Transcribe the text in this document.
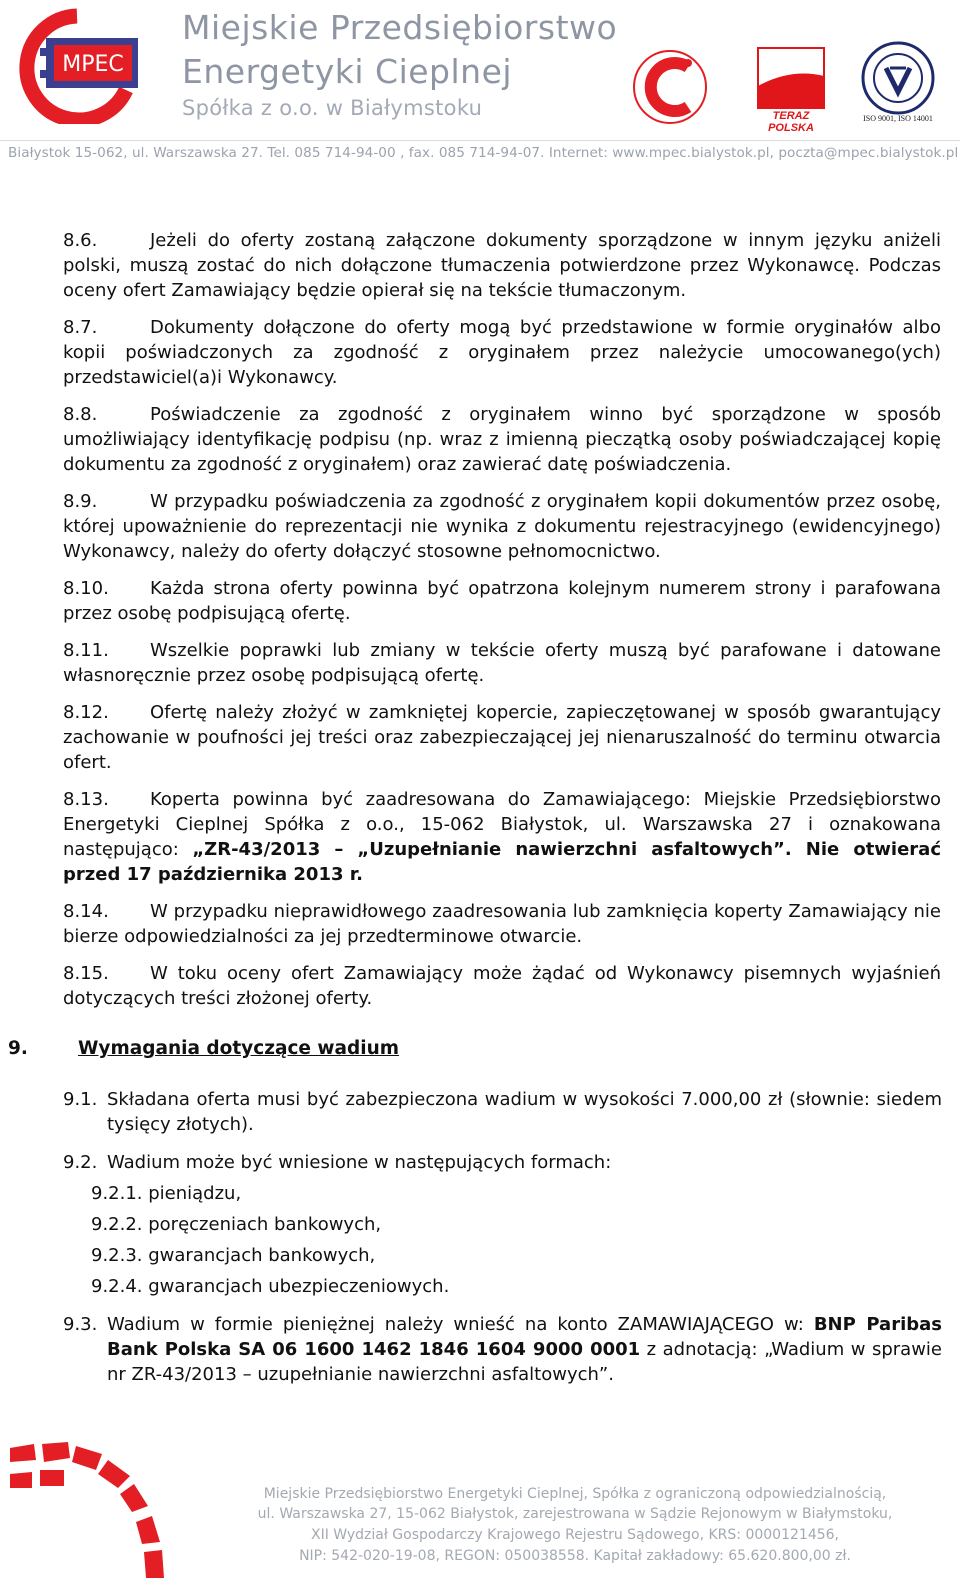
MPEC
Miejskie Przedsiębiorstwo
Energetyki Cieplnej
Spółka z o.o. w Białymstoku	TERAZ POLSKA
ISO 9001, ISO 14001
Białystok 15-062, ul. Warszawska 27. Tel. 085 714-94-00 , fax. 085 714-94-07. Internet: www.mpec.bialystok.pl, poczta@mpec.bialystok.pl

8.6.	Jeżeli do oferty zostaną załączone dokumenty sporządzone w innym języku aniżeli polski, muszą zostać do nich dołączone tłumaczenia potwierdzone przez Wykonawcę. Podczas oceny ofert Zamawiający będzie opierał się na tekście tłumaczonym.

8.7.	Dokumenty dołączone do oferty mogą być przedstawione w formie oryginałów albo kopii poświadczonych za zgodność z oryginałem przez należycie umocowanego(ych) przedstawiciel(a)i Wykonawcy.

8.8.	Poświadczenie za zgodność z oryginałem winno być sporządzone w sposób umożliwiający identyfikację podpisu (np. wraz z imienną pieczątką osoby poświadczającej kopię dokumentu za zgodność z oryginałem) oraz zawierać datę poświadczenia.

8.9.	W przypadku poświadczenia za zgodność z oryginałem kopii dokumentów przez osobę, której upoważnienie do reprezentacji nie wynika z dokumentu rejestracyjnego (ewidencyjnego) Wykonawcy, należy do oferty dołączyć stosowne pełnomocnictwo.

8.10. Każda strona oferty powinna być opatrzona kolejnym numerem strony i parafowana przez osobę podpisującą ofertę.

8.11. Wszelkie poprawki lub zmiany w tekście oferty muszą być parafowane i datowane własnoręcznie przez osobę podpisującą ofertę.

8.12. Ofertę należy złożyć w zamkniętej kopercie, zapieczętowanej w sposób gwarantujący zachowanie w poufności jej treści oraz zabezpieczającej jej nienaruszalność do terminu otwarcia ofert.

8.13. Koperta powinna być zaadresowana do Zamawiającego: Miejskie Przedsiębiorstwo Energetyki Cieplnej Spółka z o.o., 15-062 Białystok, ul. Warszawska 27 i oznakowana następująco: „ZR-43/2013 – „Uzupełnianie nawierzchni asfaltowych”. Nie otwierać przed 17 października 2013 r.

8.14. W przypadku nieprawidłowego zaadresowania lub zamknięcia koperty Zamawiający nie bierze odpowiedzialności za jej przedterminowe otwarcie.

8.15. W toku oceny ofert Zamawiający może żądać od Wykonawcy pisemnych wyjaśnień dotyczących treści złożonej oferty.

9.	Wymagania dotyczące wadium
9.1. Składana oferta musi być zabezpieczona wadium w wysokości 7.000,00 zł (słownie: siedem tysięcy złotych).
9.2. Wadium może być wniesione w następujących formach:
9.2.1. pieniądzu,
9.2.2. poręczeniach bankowych,
9.2.3. gwarancjach bankowych,
9.2.4. gwarancjach ubezpieczeniowych.
9.3. Wadium w formie pieniężnej należy wnieść na konto ZAMAWIAJĄCEGO w: BNP Paribas Bank Polska SA 06 1600 1462 1846 1604 9000 0001 z adnotacją: „Wadium w sprawie nr ZR-43/2013 – uzupełnianie nawierzchni asfaltowych”.
Miejskie Przedsiębiorstwo Energetyki Cieplnej, Spółka z ograniczoną odpowiedzialnością,
ul. Warszawska 27, 15-062 Białystok, zarejestrowana w Sądzie Rejonowym w Białymstoku,
XII Wydział Gospodarczy Krajowego Rejestru Sądowego, KRS: 0000121456,
NIP: 542-020-19-08, REGON: 050038558. Kapitał zakładowy: 65.620.800,00 zł.
